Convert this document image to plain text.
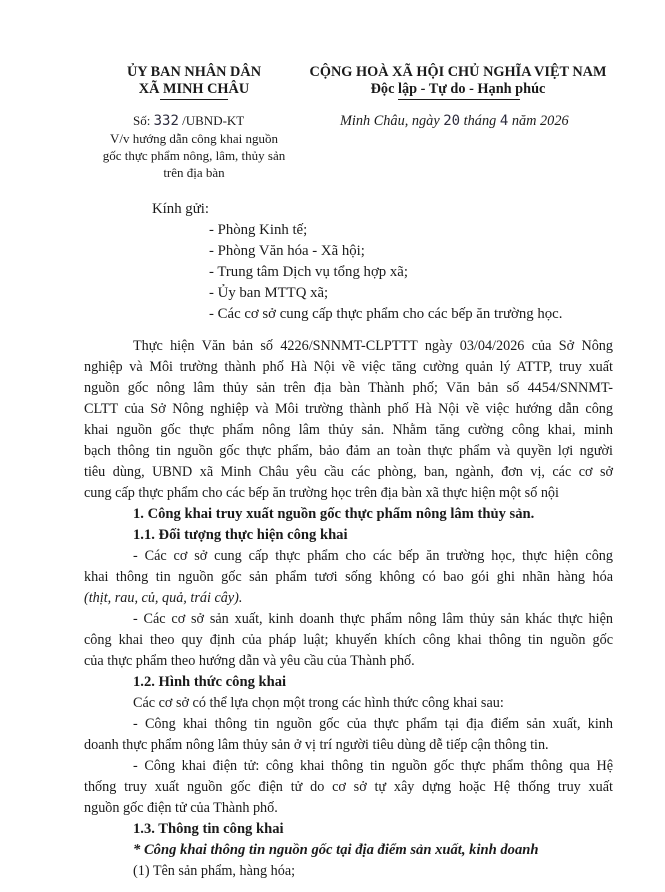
ỦY BAN NHÂN DÂN
XÃ MINH CHÂU
Số: 332 /UBND-KT
V/v hướng dẫn công khai nguồn
gốc thực phẩm nông, lâm, thủy sản
trên địa bàn
CỘNG HOÀ XÃ HỘI CHỦ NGHĨA VIỆT NAM
Độc lập - Tự do - Hạnh phúc
Minh Châu, ngày 20 tháng 4 năm 2026
Kính gửi:
- Phòng Kinh tế;
- Phòng Văn hóa - Xã hội;
- Trung tâm Dịch vụ tổng hợp xã;
- Ủy ban MTTQ xã;
- Các cơ sở cung cấp thực phẩm cho các bếp ăn trường học.
Thực hiện Văn bản số 4226/SNNMT-CLPTTT ngày 03/04/2026 của Sở Nông
nghiệp và Môi trường thành phố Hà Nội về việc tăng cường quản lý ATTP, truy xuất
nguồn gốc nông lâm thủy sản trên địa bàn Thành phố; Văn bản số 4454/SNNMT-
CLTT của Sở Nông nghiệp và Môi trường thành phố Hà Nội về việc hướng dẫn công
khai nguồn gốc thực phẩm nông lâm thủy sản. Nhằm tăng cường công khai, minh
bạch thông tin nguồn gốc thực phẩm, bảo đảm an toàn thực phẩm và quyền lợi người
tiêu dùng, UBND xã Minh Châu yêu cầu các phòng, ban, ngành, đơn vị, các cơ sở
cung cấp thực phẩm cho các bếp ăn trường học trên địa bàn xã thực hiện một số nội
1. Công khai truy xuất nguồn gốc thực phẩm nông lâm thủy sản.
1.1. Đối tượng thực hiện công khai
- Các cơ sở cung cấp thực phẩm cho các bếp ăn trường học, thực hiện công
khai thông tin nguồn gốc sản phẩm tươi sống không có bao gói ghi nhãn hàng hóa
(thịt, rau, củ, quả, trái cây).
- Các cơ sở sản xuất, kinh doanh thực phẩm nông lâm thủy sản khác thực hiện
công khai theo quy định của pháp luật; khuyến khích công khai thông tin nguồn gốc
của thực phẩm theo hướng dẫn và yêu cầu của Thành phố.
1.2. Hình thức công khai
Các cơ sở có thể lựa chọn một trong các hình thức công khai sau:
- Công khai thông tin nguồn gốc của thực phẩm tại địa điểm sản xuất, kinh
doanh thực phẩm nông lâm thủy sản ở vị trí người tiêu dùng dễ tiếp cận thông tin.
- Công khai điện tử: công khai thông tin nguồn gốc thực phẩm thông qua Hệ
thống truy xuất nguồn gốc điện tử do cơ sở tự xây dựng hoặc Hệ thống truy xuất
nguồn gốc điện tử của Thành phố.
1.3. Thông tin công khai
* Công khai thông tin nguồn gốc tại địa điểm sản xuất, kinh doanh
(1) Tên sản phẩm, hàng hóa;
